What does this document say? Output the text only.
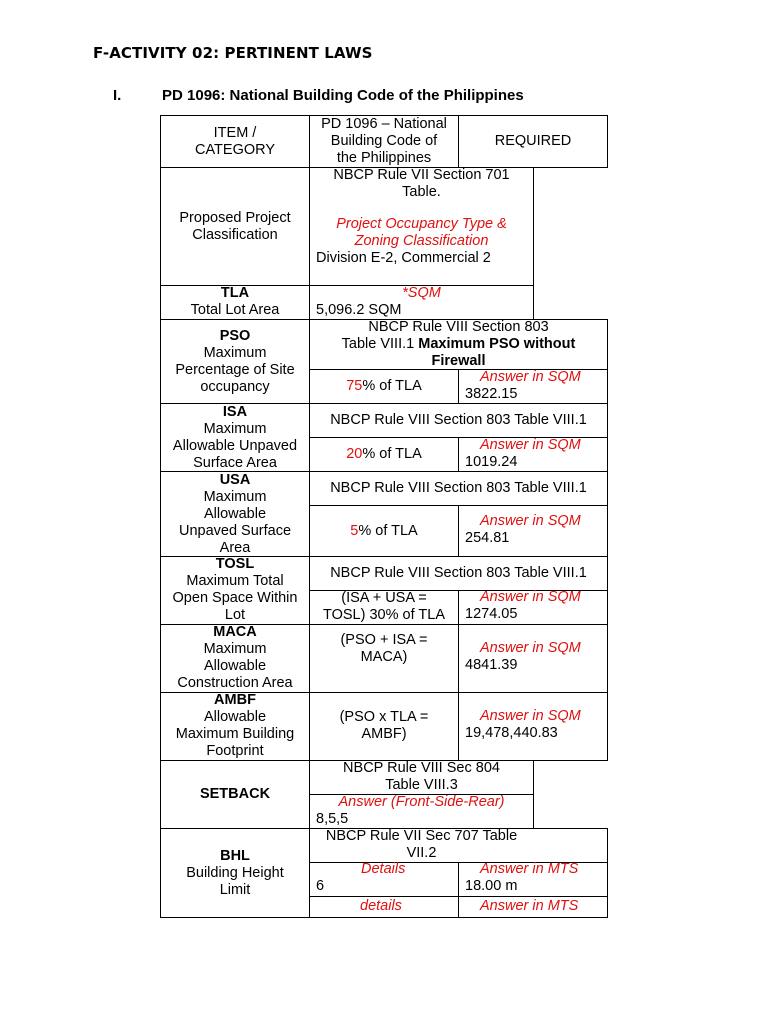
F-ACTIVITY 02: PERTINENT LAWS
I.	PD 1096: National Building Code of the Philippines
ITEM /
CATEGORY
PD 1096 – National
Building Code of
the Philippines
REQUIRED
Proposed Project
Classification
NBCP Rule VII Section 701
Table.
Project Occupancy Type &
Zoning Classification
Division E-2, Commercial 2
TLA
Total Lot Area
*SQM
5,096.2 SQM
PSO
Maximum
Percentage of Site
occupancy
NBCP Rule VIII Section 803
Table VIII.1 Maximum PSO without
Firewall
75% of TLA
Answer in SQM
3822.15
ISA
Maximum
Allowable Unpaved
Surface Area
NBCP Rule VIII Section 803 Table VIII.1
20% of TLA
Answer in SQM
1019.24
USA
Maximum
Allowable
Unpaved Surface
Area
NBCP Rule VIII Section 803 Table VIII.1
5% of TLA
Answer in SQM
254.81
TOSL
Maximum Total
Open Space Within
Lot
NBCP Rule VIII Section 803 Table VIII.1
(ISA + USA =
TOSL) 30% of TLA
Answer in SQM
1274.05
MACA
Maximum
Allowable
Construction Area
(PSO + ISA =
MACA)
Answer in SQM
4841.39
AMBF
Allowable
Maximum Building
Footprint
(PSO x TLA =
AMBF)
Answer in SQM
19,478,440.83
SETBACK
NBCP Rule VIII Sec 804
Table VIII.3
Answer (Front-Side-Rear)
8,5,5
BHL
Building Height
Limit
NBCP Rule VII Sec 707 Table
VII.2
Details
6
Answer in MTS
18.00 m
details	Answer in MTS
